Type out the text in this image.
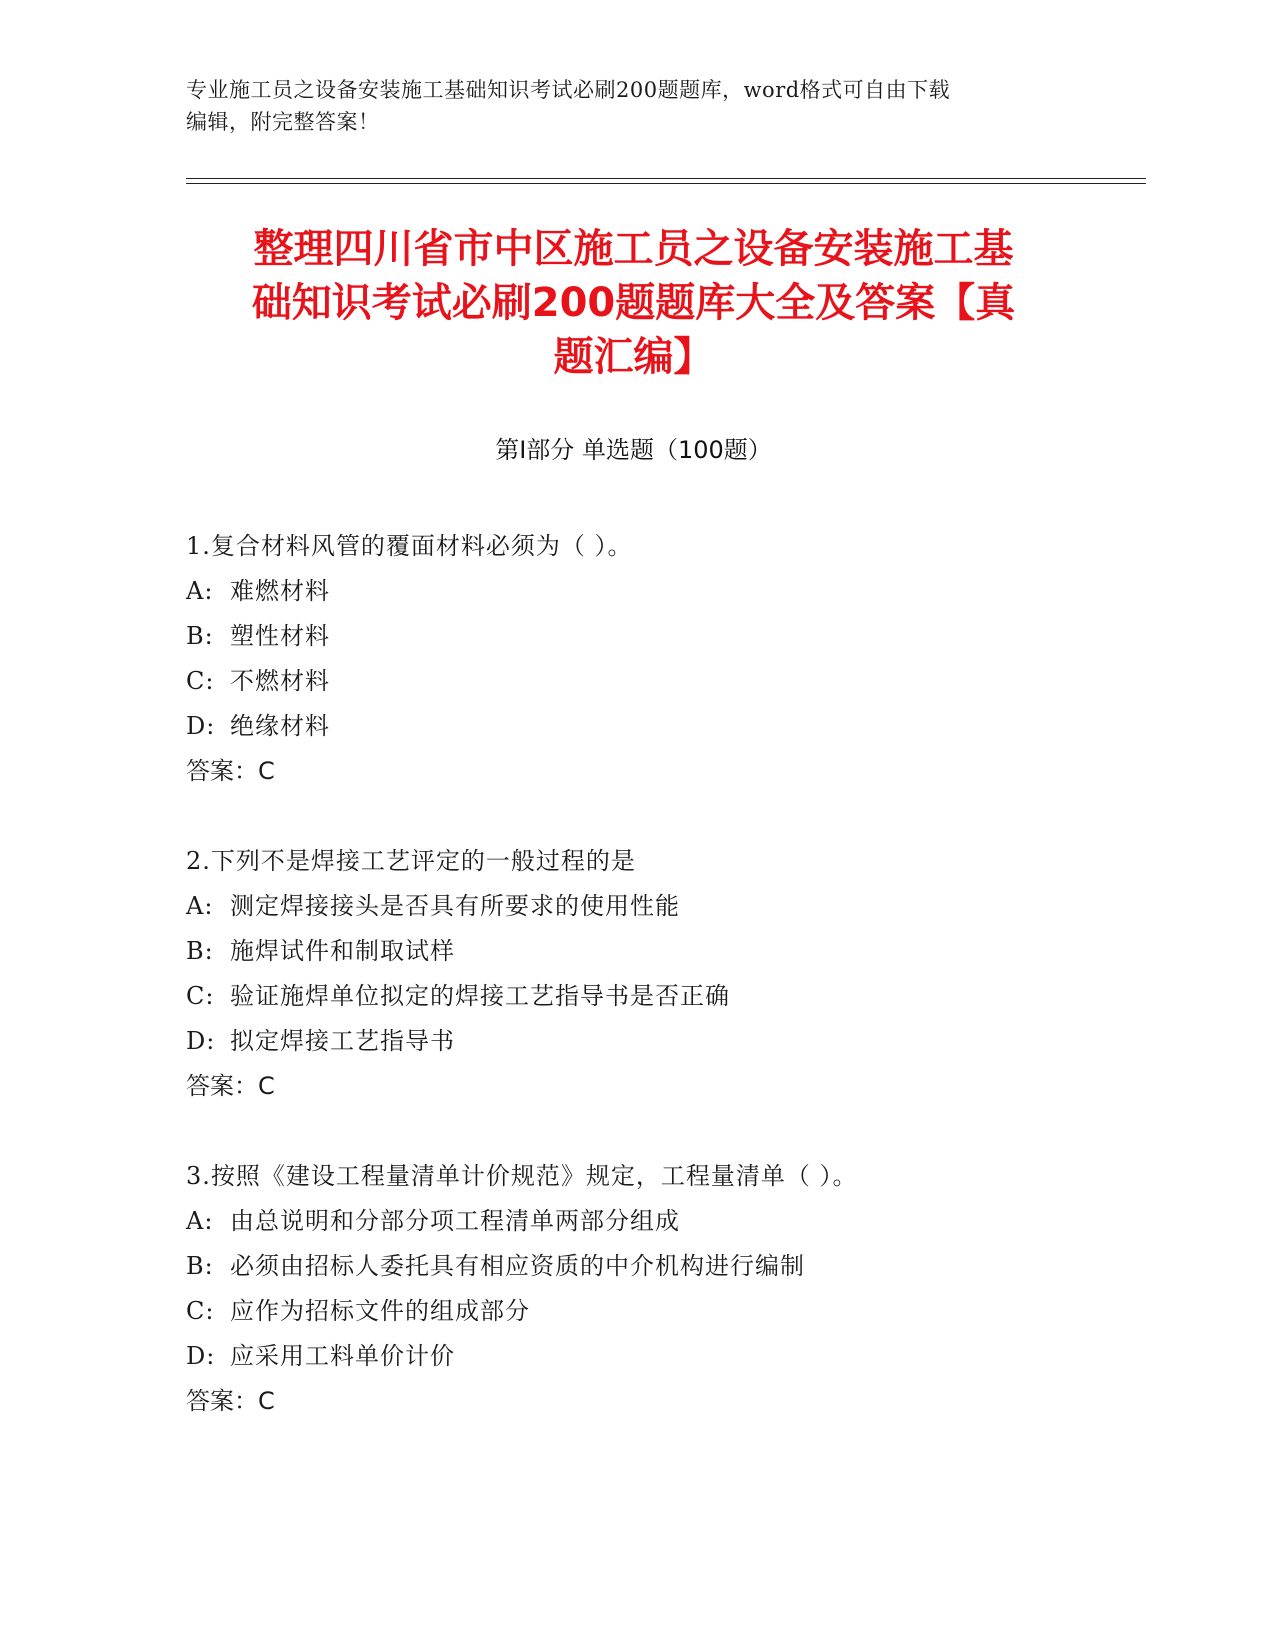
专业施工员之设备安装施工基础知识考试必刷200题题库，word格式可自由下载
编辑，附完整答案！
整理四川省市中区施工员之设备安装施工基
础知识考试必刷200题题库大全及答案【真
题汇编】
第Ⅰ部分 单选题（100题）
1.复合材料风管的覆面材料必须为（ ）。
A: 难燃材料
B: 塑性材料
C: 不燃材料
D: 绝缘材料
答案：C
2.下列不是焊接工艺评定的一般过程的是
A: 测定焊接接头是否具有所要求的使用性能
B: 施焊试件和制取试样
C: 验证施焊单位拟定的焊接工艺指导书是否正确
D: 拟定焊接工艺指导书
答案：C
3.按照《建设工程量清单计价规范》规定，工程量清单（ ）。
A: 由总说明和分部分项工程清单两部分组成
B: 必须由招标人委托具有相应资质的中介机构进行编制
C: 应作为招标文件的组成部分
D: 应采用工料单价计价
答案：C
